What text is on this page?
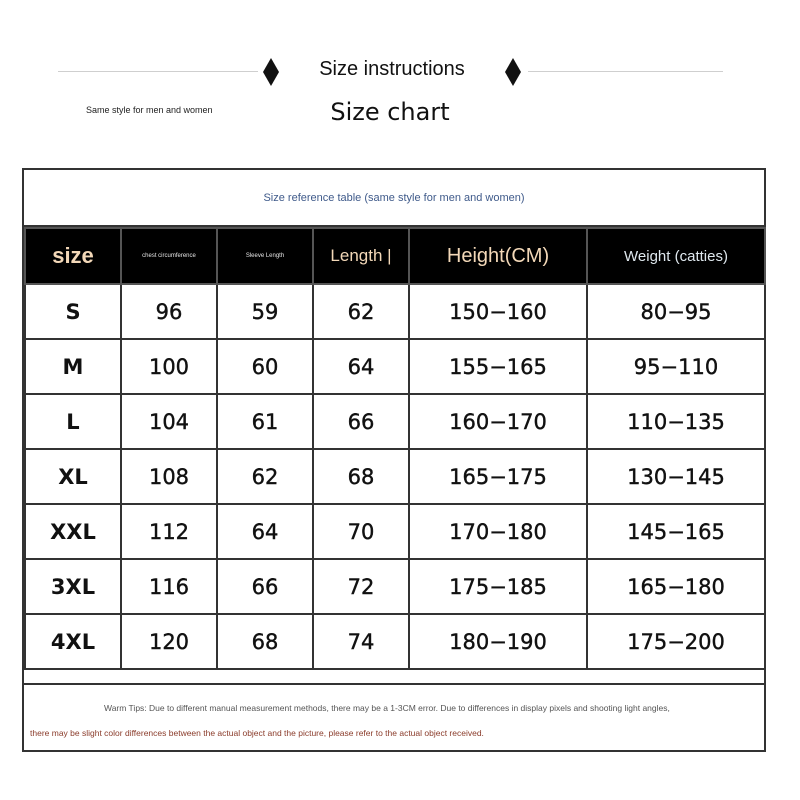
Size instructions
Same style for men and women	Size chart
Size reference table (same style for men and women)
size	chest circumference	Sleeve Length	Length |	Height(CM)	Weight (catties)
S	96	59	62	150−160	80−95
M	100	60	64	155−165	95−110
L	104	61	66	160−170	110−135
XL	108	62	68	165−175	130−145
XXL	112	64	70	170−180	145−165
3XL	116	66	72	175−185	165−180
4XL	120	68	74	180−190	175−200
Warm Tips: Due to different manual measurement methods, there may be a 1-3CM error. Due to differences in display pixels and shooting light angles,
there may be slight color differences between the actual object and the picture, please refer to the actual object received.
